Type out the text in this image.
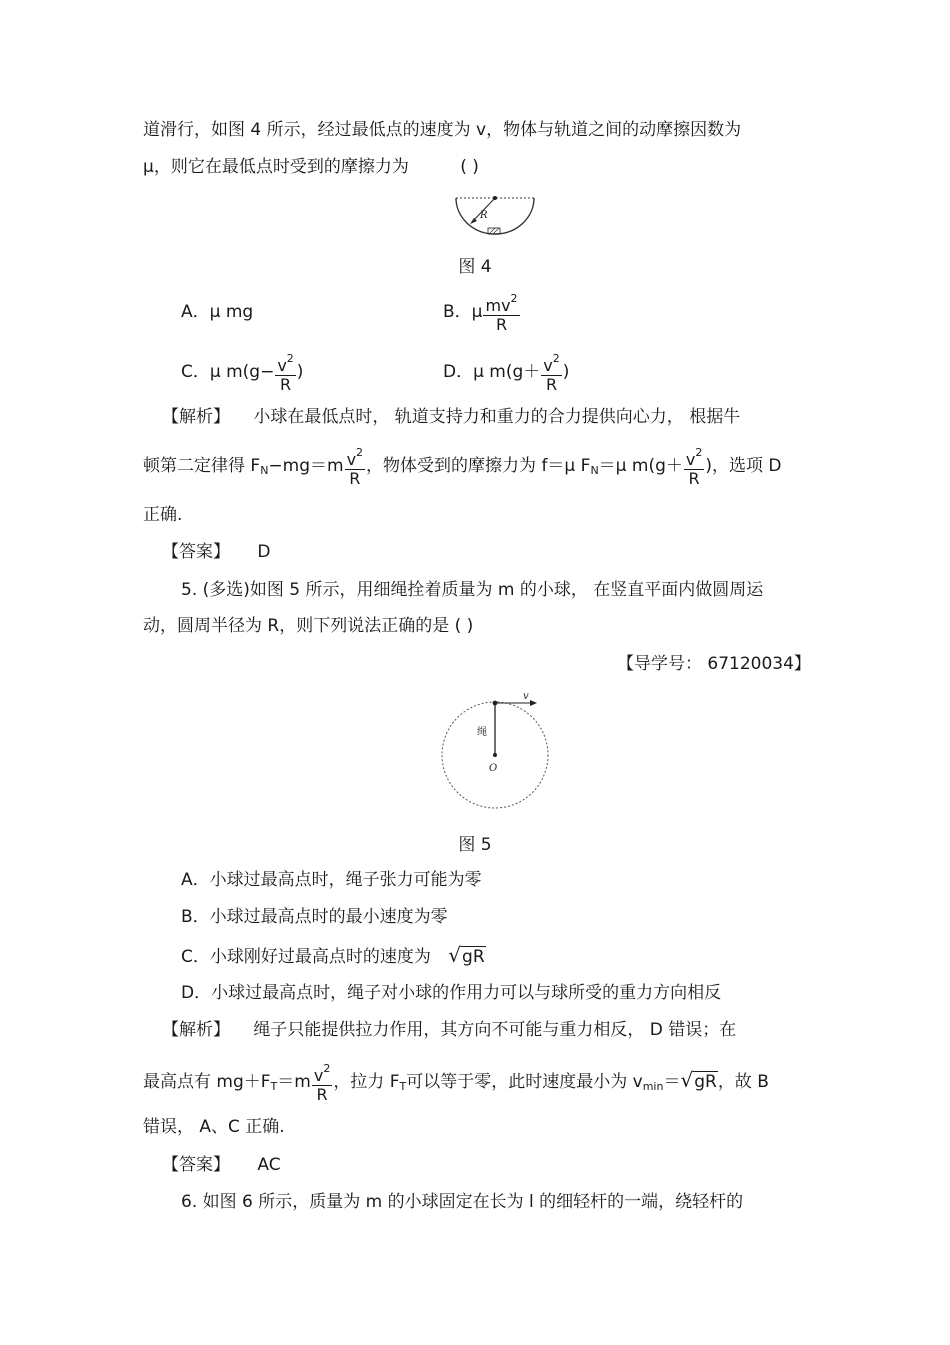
道滑行，如图 4 所示，经过最低点的速度为 v，物体与轨道之间的动摩擦因数为
μ，则它在最低点时受到的摩擦力为	( )
R
图 4
A．μ mg	B．μ $\frac{mv^2}{R}$
C．μ $m(g- \frac{v^2}{R}$ )	D．μ $m(g+ \frac{v^2}{R}$ )
【解析】 小球在最低点时， 轨道支持力和重力的合力提供向心力， 根据牛
顿第二定律得 $F_N-mg=m \frac{v^2}{R}$ ，物体受到的摩擦力为 f＝μ $F_N=\mu$ $m(g+ \frac{v^2}{R}$ )，选项 D
正确.
【答案】 D
5. (多选)如图 5 所示，用细绳拴着质量为 m 的小球， 在竖直平面内做圆周运
动，圆周半径为 R，则下列说法正确的是 ( )
【导学号： 67120034】
v
绳
O
图 5
A．小球过最高点时，绳子张力可能为零
B．小球过最高点时的最小速度为零
C．小球刚好过最高点时的速度为 √gR
D．小球过最高点时，绳子对小球的作用力可以与球所受的重力方向相反
【解析】 绳子只能提供拉力作用，其方向不可能与重力相反， D 错误；在
最高点有 $mg+F_T=m \frac{v^2}{R}$ ，拉力 $F_T$可以等于零，此时速度最小为 $v_{min}=√gR$，故 B
错误， A、C 正确.
【答案】 AC
6. 如图 6 所示，质量为 m 的小球固定在长为 l 的细轻杆的一端，绕轻杆的
